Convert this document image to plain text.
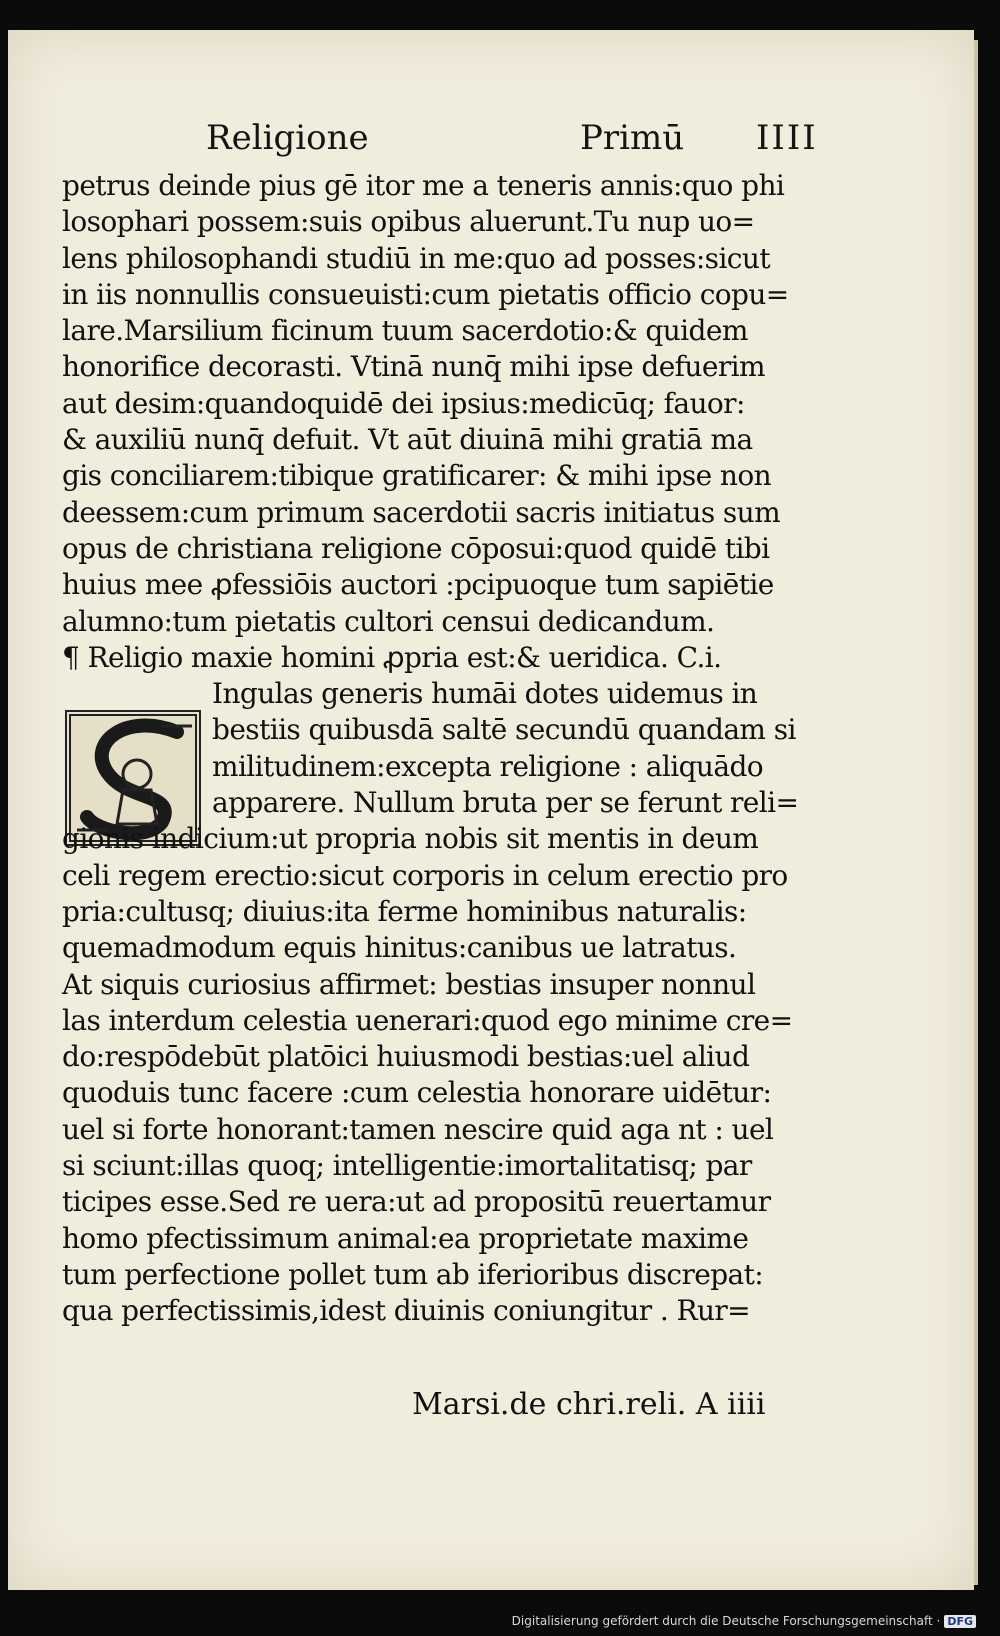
Religione	Primū IIII
petrus deinde pius gē itor me a teneris annis:quo phi
losophari possem:suis opibus aluerunt.Tu nup uo=
lens philosophandi studiū in me:quo ad posses:sicut
in iis nonnullis consueuisti:cum pietatis officio copu=
lare.Marsilium ficinum tuum sacerdotio:& quidem
honorifice decorasti. Vtinā nunq̄ mihi ipse defuerim
aut desim:quandoquidē dei ipsius:medicūq; fauor:
& auxiliū nunq̄ defuit. Vt aūt diuinā mihi gratiā ma
gis conciliarem:tibique gratificarer: & mihi ipse non
deessem:cum primum sacerdotii sacris initiatus sum
opus de christiana religione cōposui:quod quidē tibi
huius mee ꝓfessiōis auctori :pcipuoque tum sapiētie
alumno:tum pietatis cultori censui dedicandum.
¶ Religio maxie homini ꝓpria est:& ueridica. C.i.
Ingulas generis humāi dotes uidemus in
bestiis quibusdā saltē secundū quandam si
militudinem:excepta religione : aliquādo
apparere. Nullum bruta per se ferunt reli=
gionis indicium:ut propria nobis sit mentis in deum
celi regem erectio:sicut corporis in celum erectio pro
pria:cultusq; diuius:ita ferme hominibus naturalis:
quemadmodum equis hinitus:canibus ue latratus.
At siquis curiosius affirmet: bestias insuper nonnul
las interdum celestia uenerari:quod ego minime cre=
do:respōdebūt platōici huiusmodi bestias:uel aliud
quoduis tunc facere :cum celestia honorare uidētur:
uel si forte honorant:tamen nescire quid aga nt : uel
si sciunt:illas quoq; intelligentie:imortalitatisq; par
ticipes esse.Sed re uera:ut ad propositū reuertamur
homo pfectissimum animal:ea proprietate maxime
tum perfectione pollet tum ab iferioribus discrepat:
qua perfectissimis,idest diuinis coniungitur . Rur=
Marsi.de chri.reli. A iiii
Digitalisierung gefördert durch die Deutsche Forschungsgemeinschaft · DFG
